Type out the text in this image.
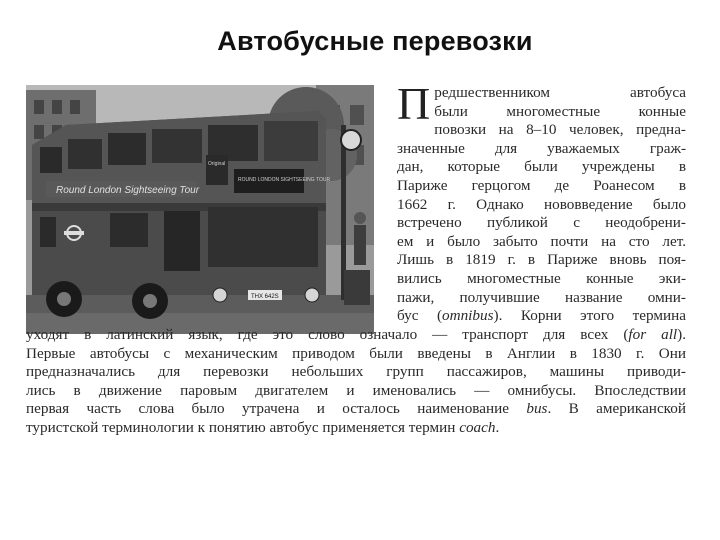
Автобусные перевозки
Round London Sightseeing Tour
ROUND LONDON SIGHTSEEING TOUR
Original
THX 642S
П редшественником автобуса
были многоместные конные
повозки на 8–10 человек, предна-
значенные для уважаемых граж-
дан, которые были учреждены в
Париже герцогом де Роанесом в
1662 г. Однако нововведение было
встречено публикой с неодобрени-
ем и было забыто почти на сто лет.
Лишь в 1819 г. в Париже вновь поя-
вились многоместные конные эки-
пажи, получившие название омни-
бус (omnibus). Корни этого термина
уходят в латинский язык, где это слово означало — транспорт для всех (for all).
Первые автобусы с механическим приводом были введены в Англии в 1830 г. Они
предназначались для перевозки небольших групп пассажиров, машины приводи-
лись в движение паровым двигателем и именовались — омнибусы. Впоследствии
первая часть слова было утрачена и осталось наименование bus. В американской
туристской терминологии к понятию автобус применяется термин coach.
